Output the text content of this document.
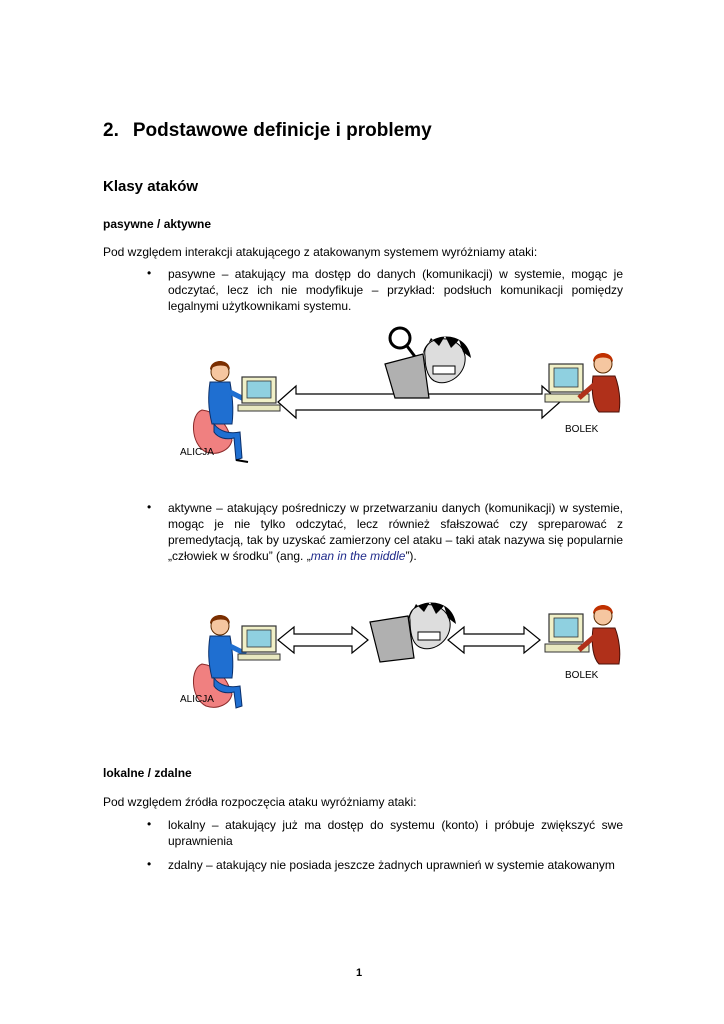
2. Podstawowe definicje i problemy
Klasy ataków
pasywne / aktywne
Pod względem interakcji atakującego z atakowanym systemem wyróżniamy ataki:
• pasywne – atakujący ma dostęp do danych (komunikacji) w systemie, mogąc je odczytać, lecz ich nie modyfikuje – przykład: podsłuch komunikacji pomiędzy legalnymi użytkownikami systemu.
BOLEK
ALICJA
• aktywne – atakujący pośredniczy w przetwarzaniu danych (komunikacji) w systemie, mogąc je nie tylko odczytać, lecz również sfałszować czy spreparować z premedytacją, tak by uzyskać zamierzony cel ataku – taki atak nazywa się popularnie „człowiek w środku” (ang. „man in the middle”).
BOLEK
ALICJA
lokalne / zdalne
Pod względem źródła rozpoczęcia ataku wyróżniamy ataki:
• lokalny – atakujący już ma dostęp do systemu (konto) i próbuje zwiększyć swe uprawnienia
• zdalny – atakujący nie posiada jeszcze żadnych uprawnień w systemie atakowanym
1
